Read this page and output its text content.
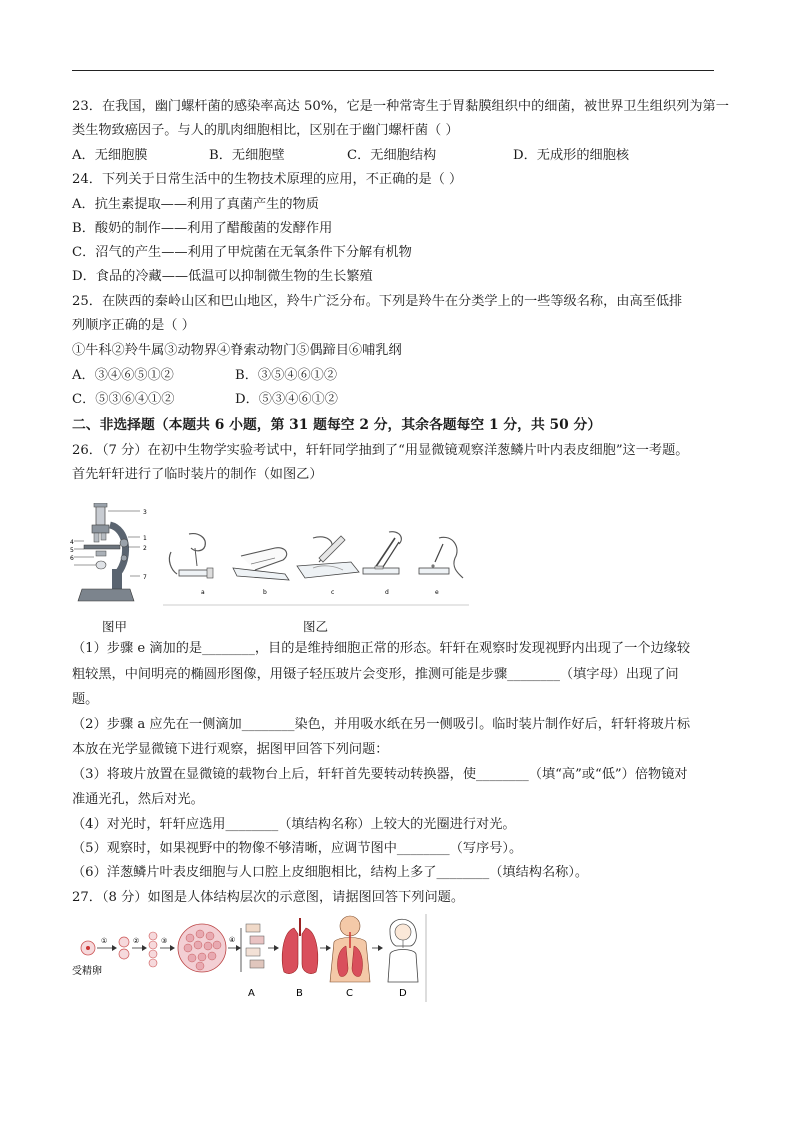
23．在我国，幽门螺杆菌的感染率高达 50%，它是一种常寄生于胃黏膜组织中的细菌，被世界卫生组织列为第一
类生物致癌因子。与人的肌肉细胞相比，区别在于幽门螺杆菌（ ）
A．无细胞膜	B．无细胞壁	C．无细胞结构	D．无成形的细胞核
24．下列关于日常生活中的生物技术原理的应用，不正确的是（ ）
A．抗生素提取——利用了真菌产生的物质
B．酸奶的制作——利用了醋酸菌的发酵作用
C．沼气的产生——利用了甲烷菌在无氧条件下分解有机物
D．食品的冷藏——低温可以抑制微生物的生长繁殖
25．在陕西的秦岭山区和巴山地区，羚牛广泛分布。下列是羚牛在分类学上的一些等级名称，由高至低排
列顺序正确的是（ ）
①牛科②羚牛属③动物界④脊索动物门⑤偶蹄目⑥哺乳纲
A．③④⑥⑤①②	B．③⑤④⑥①②
C．⑤③⑥④①②	D．⑤③④⑥①②
二、非选择题（本题共 6 小题，第 31 题每空 2 分，其余各题每空 1 分，共 50 分）
26．（7 分）在初中生物学实验考试中，轩轩同学抽到了“用显微镜观察洋葱鳞片叶内表皮细胞”这一考题。
首先轩轩进行了临时装片的制作（如图乙）
3
1
2
7
4
5
6
a	b	c	d	e
图甲	图乙
（1）步骤 e 滴加的是________，目的是维持细胞正常的形态。轩轩在观察时发现视野内出现了一个边缘较
粗较黑，中间明亮的椭圆形图像，用镊子轻压玻片会变形，推测可能是步骤________（填字母）出现了问
题。
（2）步骤 a 应先在一侧滴加________染色，并用吸水纸在另一侧吸引。临时装片制作好后，轩轩将玻片标
本放在光学显微镜下进行观察，据图甲回答下列问题：
（3）将玻片放置在显微镜的载物台上后，轩轩首先要转动转换器，使________（填“高”或“低”）倍物镜对
准通光孔，然后对光。
（4）对光时，轩轩应选用________（填结构名称）上较大的光圈进行对光。
（5）观察时，如果视野中的物像不够清晰，应调节图中________（写序号）。
（6）洋葱鳞片叶表皮细胞与人口腔上皮细胞相比，结构上多了________（填结构名称）。
27．（8 分）如图是人体结构层次的示意图，请据图回答下列问题。
受精卵
①	②	③	④
A	B	C	D
